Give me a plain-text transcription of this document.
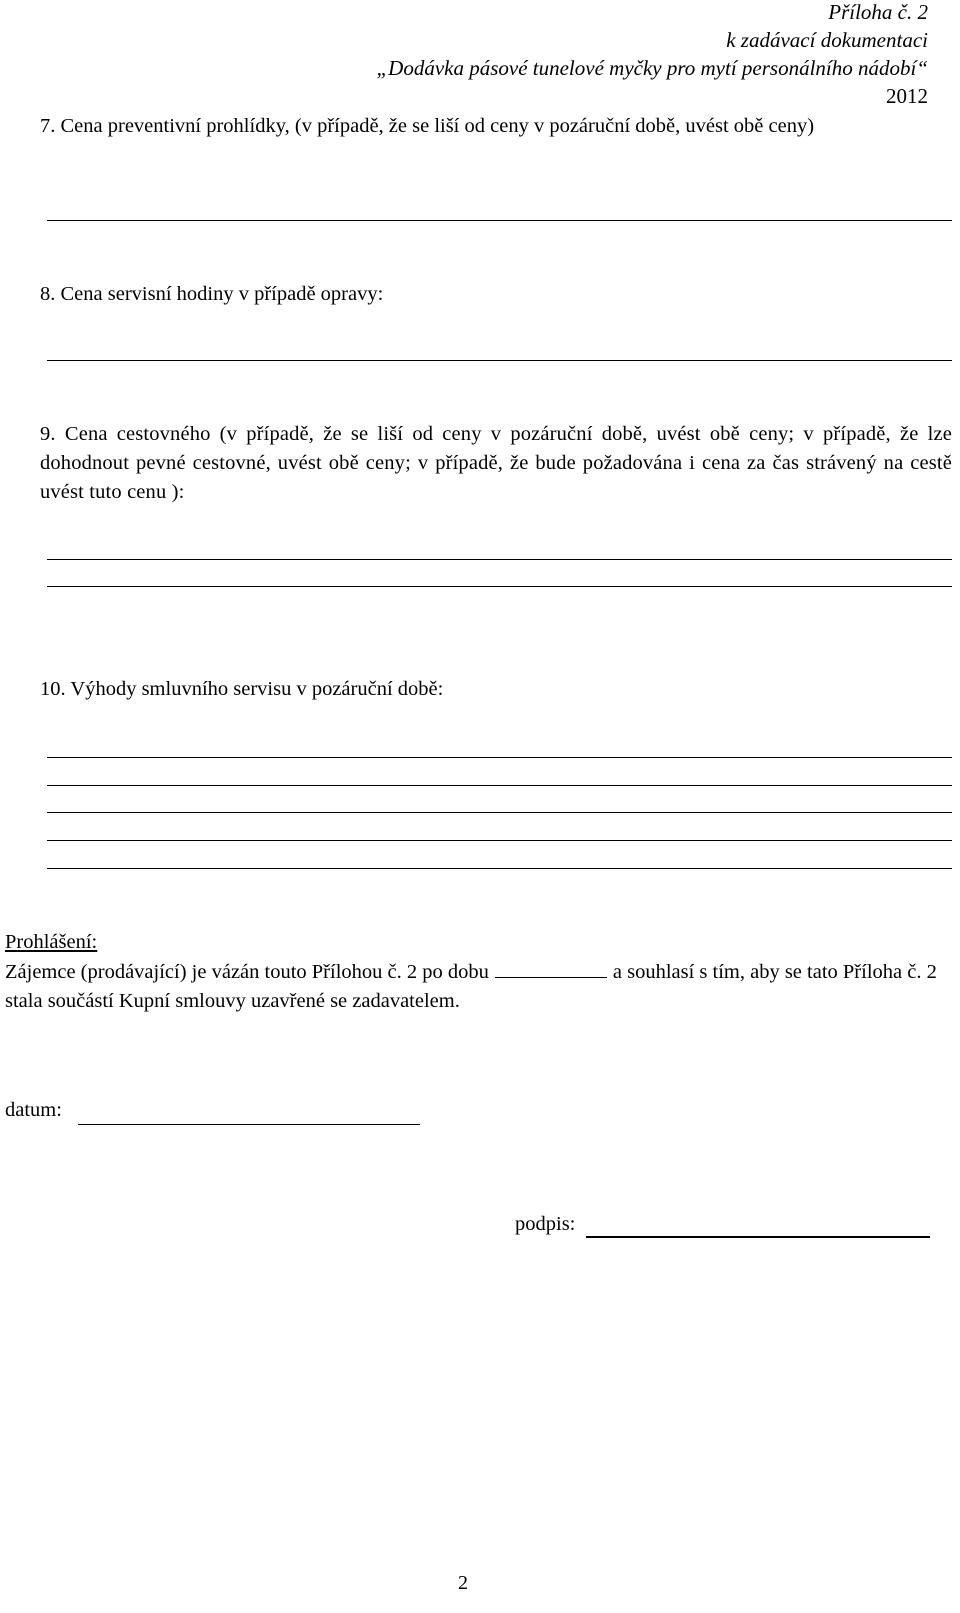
Příloha č. 2
k zadávací dokumentaci
„Dodávka pásové tunelové myčky pro mytí personálního nádobí“
2012
7. Cena preventivní prohlídky, (v případě, že se liší od ceny v pozáruční době, uvést obě ceny)
8. Cena servisní hodiny v případě opravy:
9. Cena cestovného (v případě, že se liší od ceny v pozáruční době, uvést obě ceny; v případě, že lze dohodnout pevné cestovné, uvést obě ceny; v případě, že bude požadována i cena za čas strávený na cestě uvést tuto cenu ):
10. Výhody smluvního servisu v pozáruční době:
Prohlášení:
Zájemce (prodávající) je vázán touto Přílohou č. 2 po dobu	a souhlasí s tím, aby se tato Příloha č. 2 stala součástí Kupní smlouvy uzavřené se zadavatelem.
datum:
podpis:
2
